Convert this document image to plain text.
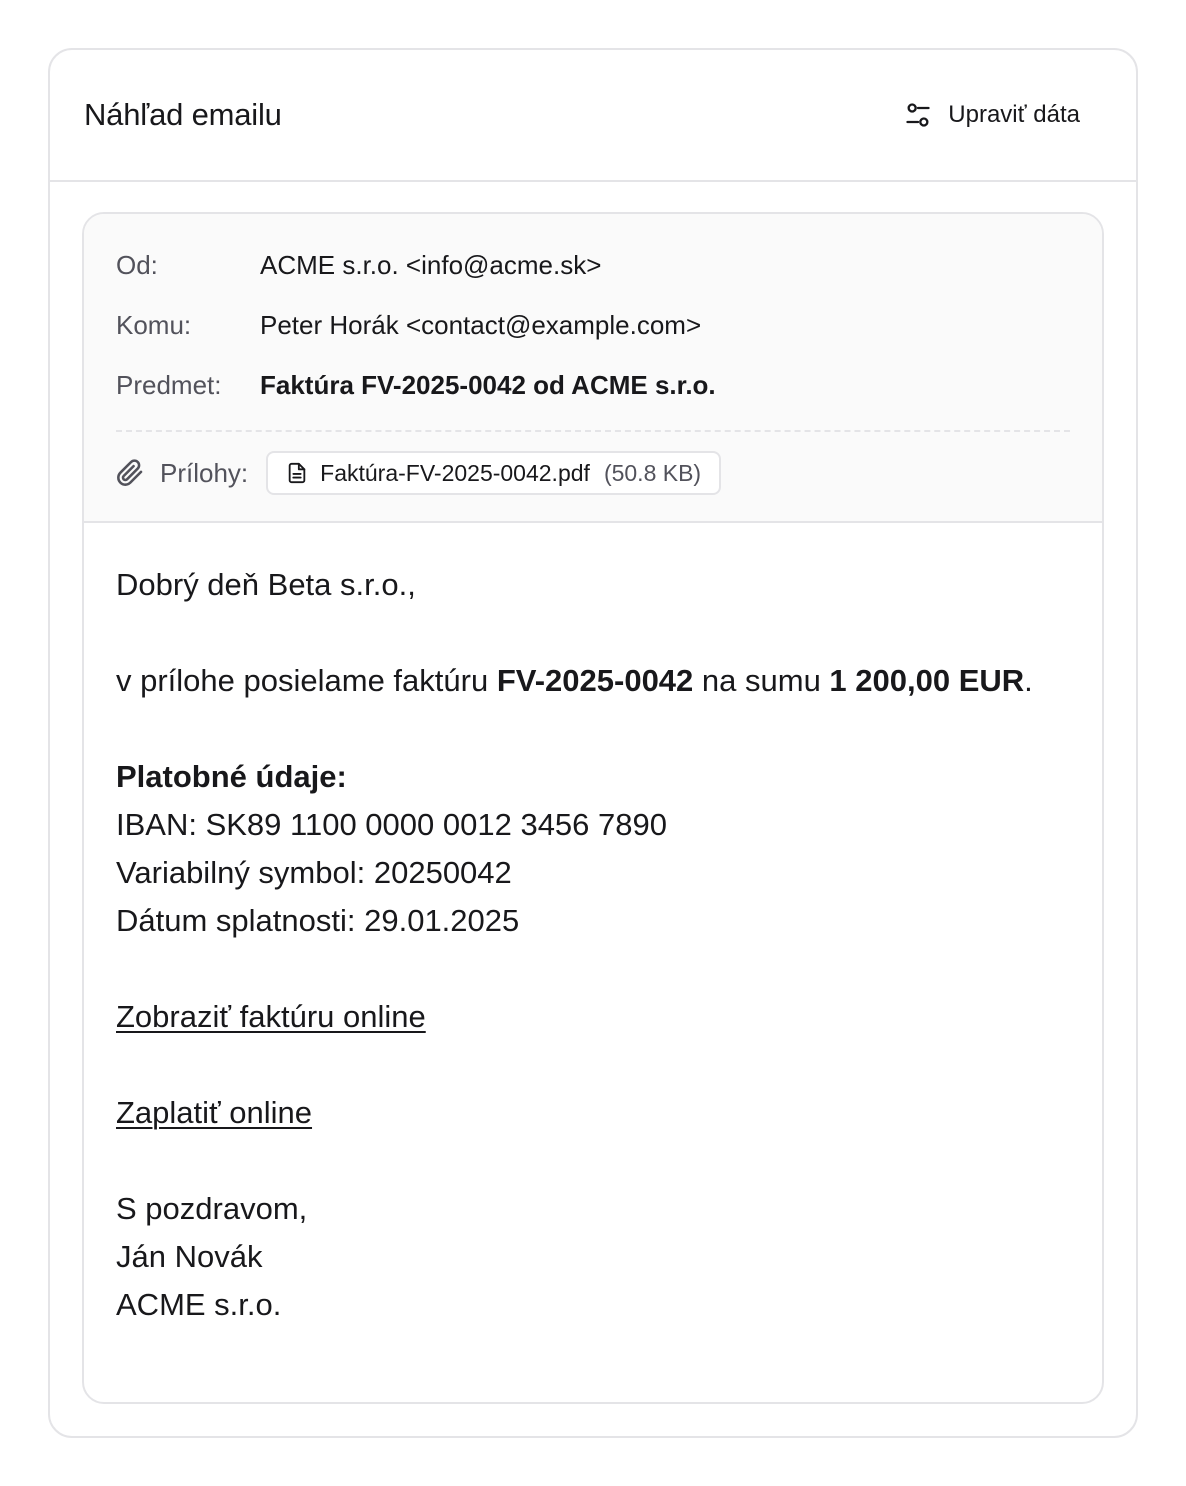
Náhľad emailu	Upraviť dáta
Od:	ACME s.r.o. <info@acme.sk>
Komu:	Peter Horák <contact@example.com>
Predmet:	Faktúra FV-2025-0042 od ACME s.r.o.
Prílohy:	Faktúra-FV-2025-0042.pdf (50.8 KB)

Dobrý deň Beta s.r.o.,

v prílohe posielame faktúru FV-2025-0042 na sumu 1 200,00 EUR.

Platobné údaje:

IBAN: SK89 1100 0000 0012 3456 7890

Variabilný symbol: 20250042

Dátum splatnosti: 29.01.2025

Zobraziť faktúru online

Zaplatiť online

S pozdravom,

Ján Novák

ACME s.r.o.
